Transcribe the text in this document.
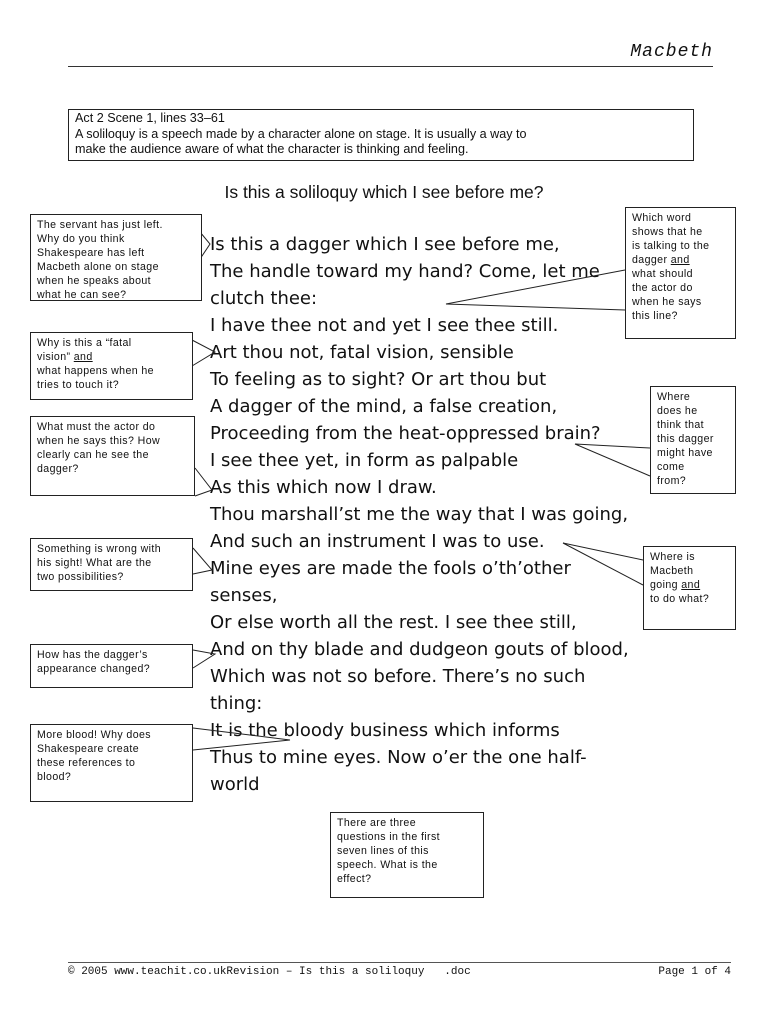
Macbeth
Act 2 Scene 1, lines 33–61
A soliloquy is a speech made by a character alone on stage. It is usually a way to
make the audience aware of what the character is thinking and feeling.
Is this a soliloquy which I see before me?
Is this a dagger which I see before me,
The handle toward my hand? Come, let me
clutch thee:
I have thee not and yet I see thee still.
Art thou not, fatal vision, sensible
To feeling as to sight? Or art thou but
A dagger of the mind, a false creation,
Proceeding from the heat-oppressed brain?
I see thee yet, in form as palpable
As this which now I draw.
Thou marshall’st me the way that I was going,
And such an instrument I was to use.
Mine eyes are made the fools o’th’other
senses,
Or else worth all the rest. I see thee still,
And on thy blade and dudgeon gouts of blood,
Which was not so before. There’s no such
thing:
It is the bloody business which informs
Thus to mine eyes. Now o’er the one half-
world
The servant has just left.
Why do you think
Shakespeare has left
Macbeth alone on stage
when he speaks about
what he can see?
Why is this a “fatal
vision” and
what happens when he
tries to touch it?
What must the actor do
when he says this? How
clearly can he see the
dagger?
Something is wrong with
his sight! What are the
two possibilities?
How has the dagger’s
appearance changed?
More blood! Why does
Shakespeare create
these references to
blood?
Which word
shows that he
is talking to the
dagger and
what should
the actor do
when he says
this line?
Where
does he
think that
this dagger
might have
come
from?
Where is
Macbeth
going and
to do what?
There are three
questions in the first
seven lines of this
speech. What is the
effect?
© 2005 www.teachit.co.ukRevision – Is this a soliloquy   .doc	Page 1 of 4
